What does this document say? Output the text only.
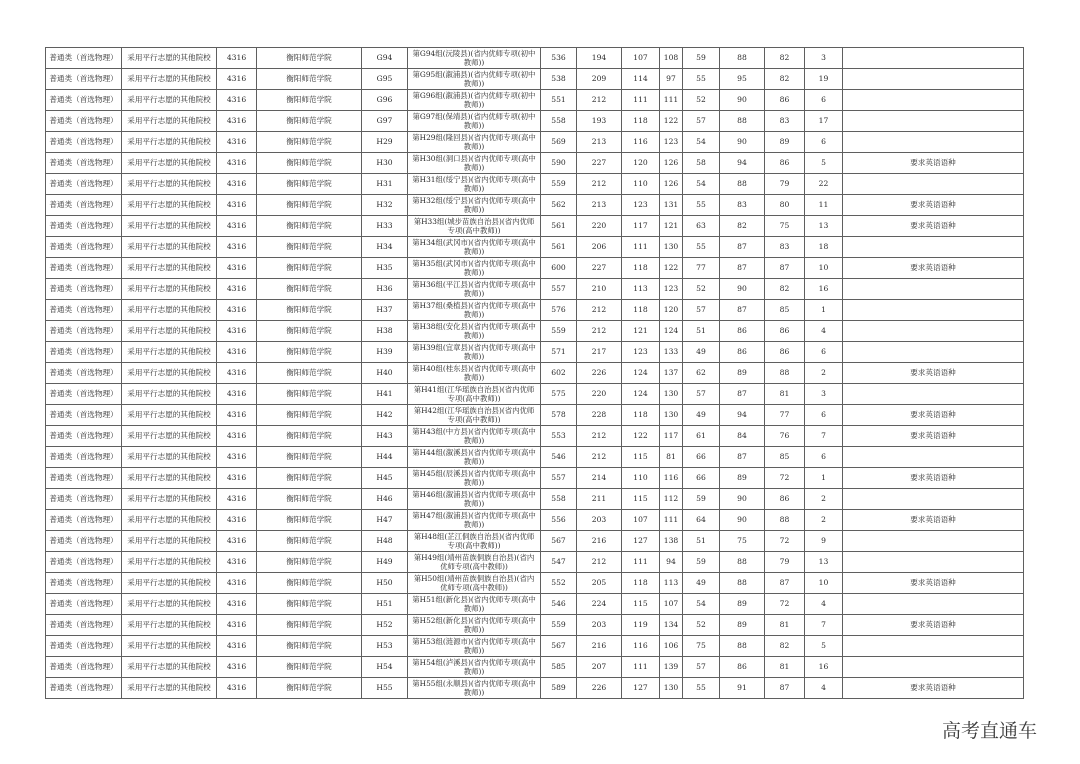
普通类（首选物理）	采用平行志愿的其他院校	4316	衡阳师范学院	G94	第G94组(沅陵县)(省内优师专项(初中教师))	536	194	107	108	59	88	82	3	
普通类（首选物理）	采用平行志愿的其他院校	4316	衡阳师范学院	G95	第G95组(溆浦县)(省内优师专项(初中教师))	538	209	114	97	55	95	82	19	
普通类（首选物理）	采用平行志愿的其他院校	4316	衡阳师范学院	G96	第G96组(溆浦县)(省内优师专项(初中教师))	551	212	111	111	52	90	86	6	
普通类（首选物理）	采用平行志愿的其他院校	4316	衡阳师范学院	G97	第G97组(保靖县)(省内优师专项(初中教师))	558	193	118	122	57	88	83	17	
普通类（首选物理）	采用平行志愿的其他院校	4316	衡阳师范学院	H29	第H29组(隆回县)(省内优师专项(高中教师))	569	213	116	123	54	90	89	6	
普通类（首选物理）	采用平行志愿的其他院校	4316	衡阳师范学院	H30	第H30组(洞口县)(省内优师专项(高中教师))	590	227	120	126	58	94	86	5	要求英语语种
普通类（首选物理）	采用平行志愿的其他院校	4316	衡阳师范学院	H31	第H31组(绥宁县)(省内优师专项(高中教师))	559	212	110	126	54	88	79	22	
普通类（首选物理）	采用平行志愿的其他院校	4316	衡阳师范学院	H32	第H32组(绥宁县)(省内优师专项(高中教师))	562	213	123	131	55	83	80	11	要求英语语种
普通类（首选物理）	采用平行志愿的其他院校	4316	衡阳师范学院	H33	第H33组(城步苗族自治县)(省内优师专项(高中教师))	561	220	117	121	63	82	75	13	要求英语语种
普通类（首选物理）	采用平行志愿的其他院校	4316	衡阳师范学院	H34	第H34组(武冈市)(省内优师专项(高中教师))	561	206	111	130	55	87	83	18	
普通类（首选物理）	采用平行志愿的其他院校	4316	衡阳师范学院	H35	第H35组(武冈市)(省内优师专项(高中教师))	600	227	118	122	77	87	87	10	要求英语语种
普通类（首选物理）	采用平行志愿的其他院校	4316	衡阳师范学院	H36	第H36组(平江县)(省内优师专项(高中教师))	557	210	113	123	52	90	82	16	
普通类（首选物理）	采用平行志愿的其他院校	4316	衡阳师范学院	H37	第H37组(桑植县)(省内优师专项(高中教师))	576	212	118	120	57	87	85	1	
普通类（首选物理）	采用平行志愿的其他院校	4316	衡阳师范学院	H38	第H38组(安化县)(省内优师专项(高中教师))	559	212	121	124	51	86	86	4	
普通类（首选物理）	采用平行志愿的其他院校	4316	衡阳师范学院	H39	第H39组(宜章县)(省内优师专项(高中教师))	571	217	123	133	49	86	86	6	
普通类（首选物理）	采用平行志愿的其他院校	4316	衡阳师范学院	H40	第H40组(桂东县)(省内优师专项(高中教师))	602	226	124	137	62	89	88	2	要求英语语种
普通类（首选物理）	采用平行志愿的其他院校	4316	衡阳师范学院	H41	第H41组(江华瑶族自治县)(省内优师专项(高中教师))	575	220	124	130	57	87	81	3	
普通类（首选物理）	采用平行志愿的其他院校	4316	衡阳师范学院	H42	第H42组(江华瑶族自治县)(省内优师专项(高中教师))	578	228	118	130	49	94	77	6	要求英语语种
普通类（首选物理）	采用平行志愿的其他院校	4316	衡阳师范学院	H43	第H43组(中方县)(省内优师专项(高中教师))	553	212	122	117	61	84	76	7	要求英语语种
普通类（首选物理）	采用平行志愿的其他院校	4316	衡阳师范学院	H44	第H44组(溆溪县)(省内优师专项(高中教师))	546	212	115	81	66	87	85	6	
普通类（首选物理）	采用平行志愿的其他院校	4316	衡阳师范学院	H45	第H45组(辰溪县)(省内优师专项(高中教师))	557	214	110	116	66	89	72	1	要求英语语种
普通类（首选物理）	采用平行志愿的其他院校	4316	衡阳师范学院	H46	第H46组(溆浦县)(省内优师专项(高中教师))	558	211	115	112	59	90	86	2	
普通类（首选物理）	采用平行志愿的其他院校	4316	衡阳师范学院	H47	第H47组(溆浦县)(省内优师专项(高中教师))	556	203	107	111	64	90	88	2	要求英语语种
普通类（首选物理）	采用平行志愿的其他院校	4316	衡阳师范学院	H48	第H48组(芷江侗族自治县)(省内优师专项(高中教师))	567	216	127	138	51	75	72	9	
普通类（首选物理）	采用平行志愿的其他院校	4316	衡阳师范学院	H49	第H49组(靖州苗族侗族自治县)(省内优师专项(高中教师))	547	212	111	94	59	88	79	13	
普通类（首选物理）	采用平行志愿的其他院校	4316	衡阳师范学院	H50	第H50组(靖州苗族侗族自治县)(省内优师专项(高中教师))	552	205	118	113	49	88	87	10	要求英语语种
普通类（首选物理）	采用平行志愿的其他院校	4316	衡阳师范学院	H51	第H51组(新化县)(省内优师专项(高中教师))	546	224	115	107	54	89	72	4	
普通类（首选物理）	采用平行志愿的其他院校	4316	衡阳师范学院	H52	第H52组(新化县)(省内优师专项(高中教师))	559	203	119	134	52	89	81	7	要求英语语种
普通类（首选物理）	采用平行志愿的其他院校	4316	衡阳师范学院	H53	第H53组(涟源市)(省内优师专项(高中教师))	567	216	116	106	75	88	82	5	
普通类（首选物理）	采用平行志愿的其他院校	4316	衡阳师范学院	H54	第H54组(泸溪县)(省内优师专项(高中教师))	585	207	111	139	57	86	81	16	
普通类（首选物理）	采用平行志愿的其他院校	4316	衡阳师范学院	H55	第H55组(永顺县)(省内优师专项(高中教师))	589	226	127	130	55	91	87	4	要求英语语种
高考直通车
